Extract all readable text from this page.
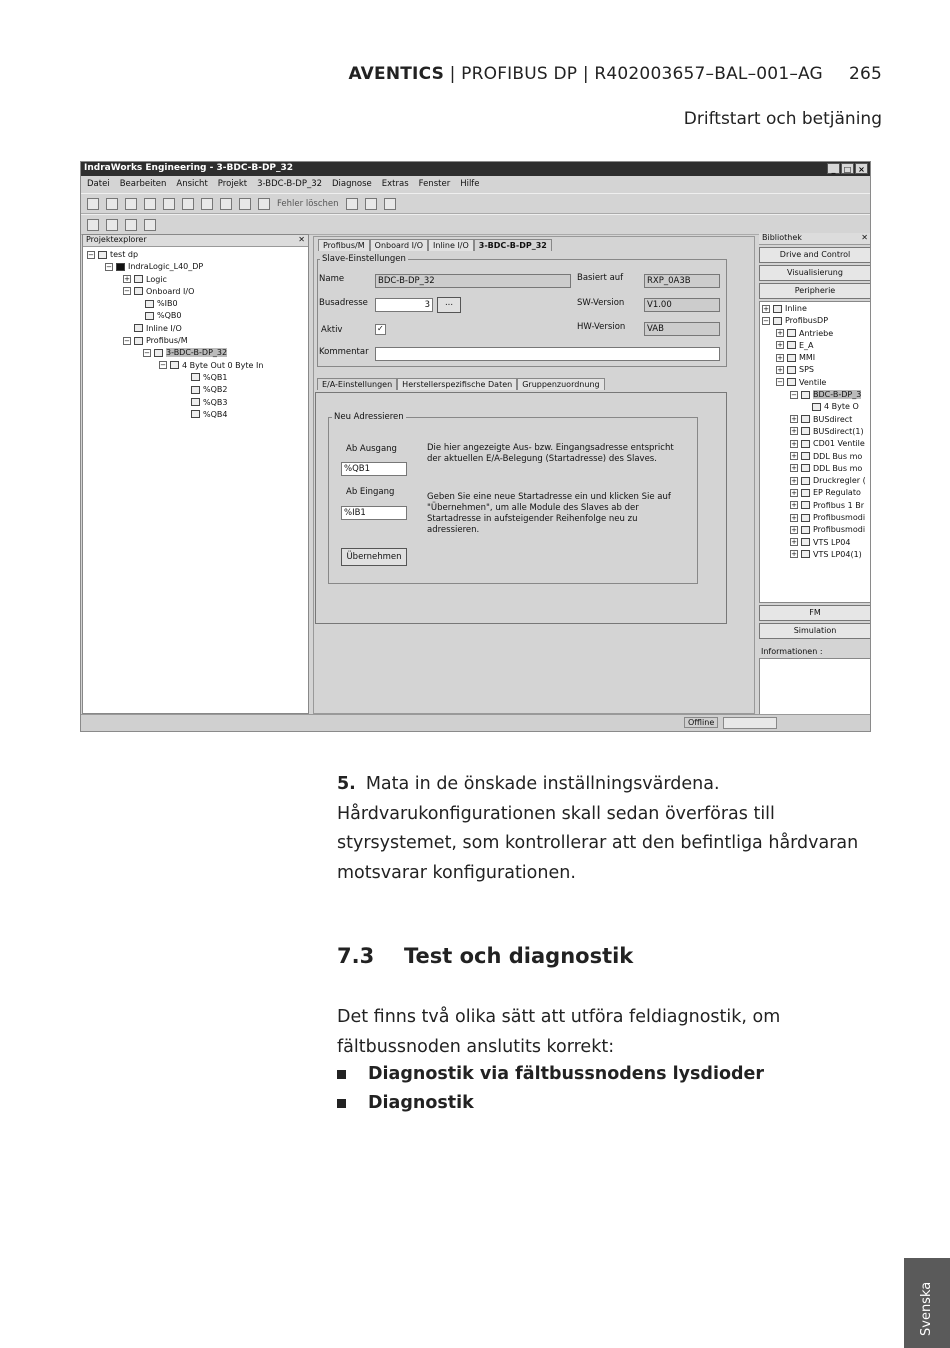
AVENTICS | PROFIBUS DP | R402003657–BAL–001–AG 265
Driftstart och betjäning
IndraWorks Engineering - 3-BDC-B-DP_32	_	□ ×
Datei Bearbeiten Ansicht Projekt 3-BDC-B-DP_32 Diagnose Extras Fenster Hilfe
Fehler löschen
Projektexplorer	✕
− test dp
− IndraLogic_L40_DP
+ Logic
− Onboard I/O
%IB0
%QB0
Inline I/O
− Profibus/M
− 3-BDC-B-DP_32
− 4 Byte Out 0 Byte In
%QB1
%QB2
%QB3
%QB4
Profibus/M	Onboard I/O	Inline I/O	3-BDC-B-DP_32
Slave-Einstellungen
Name	BDC-B-DP_32	Basiert auf	RXP_0A3B
Busadresse	3	...	SW-Version	V1.00
Aktiv	✓	HW-Version	VAB
Kommentar
E/A-Einstellungen	Herstellerspezifische Daten	Gruppenzuordnung
Neu Adressieren
Ab Ausgang
%QB1
Die hier angezeigte Aus- bzw. Eingangsadresse entspricht der aktuellen E/A-Belegung (Startadresse) des Slaves.
Ab Eingang
%IB1
Geben Sie eine neue Startadresse ein und klicken Sie auf "Übernehmen", um alle Module des Slaves ab der Startadresse in aufsteigender Reihenfolge neu zu adressieren.
Übernehmen
Bibliothek	✕
Drive and Control
Visualisierung
Peripherie
+ Inline
− ProfibusDP
+ Antriebe
+ E_A
+ MMI
+ SPS
− Ventile
− BDC-B-DP_3
4 Byte O
+ BUSdirect
+ BUSdirect(1)
+ CD01 Ventile
+ DDL Bus mo
+ DDL Bus mo
+ Druckregler (
+ EP Regulato
+ Profibus 1 Br
+ Profibusmodi
+ Profibusmodi
+ VTS LP04
+ VTS LP04(1)
FM
Simulation
Informationen :
Offline
5. Mata in de önskade inställningsvärdena. Hårdvarukonfigurationen skall sedan överföras till styrsystemet, som kontrollerar att den befintliga hårdvaran motsvarar konfigurationen.
7.3 Test och diagnostik
Det finns två olika sätt att utföra feldiagnostik, om fältbussnoden anslutits korrekt:
Diagnostik via fältbussnodens lysdioder
Diagnostik
Svenska
